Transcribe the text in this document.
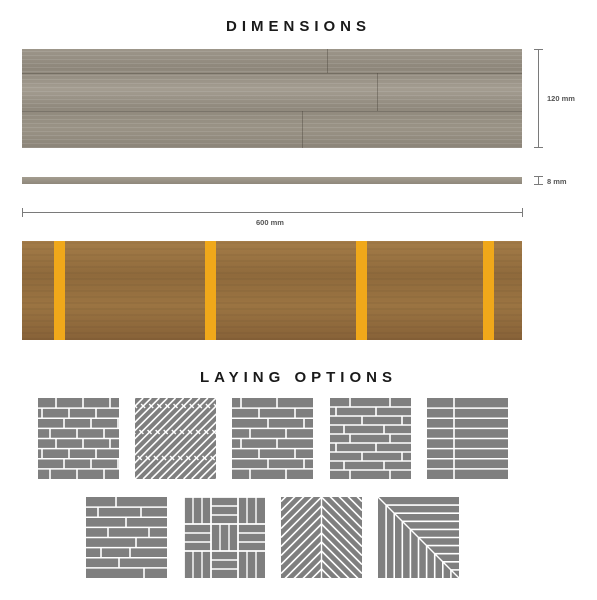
DIMENSIONS
120 mm
8 mm
600 mm
LAYING OPTIONS
